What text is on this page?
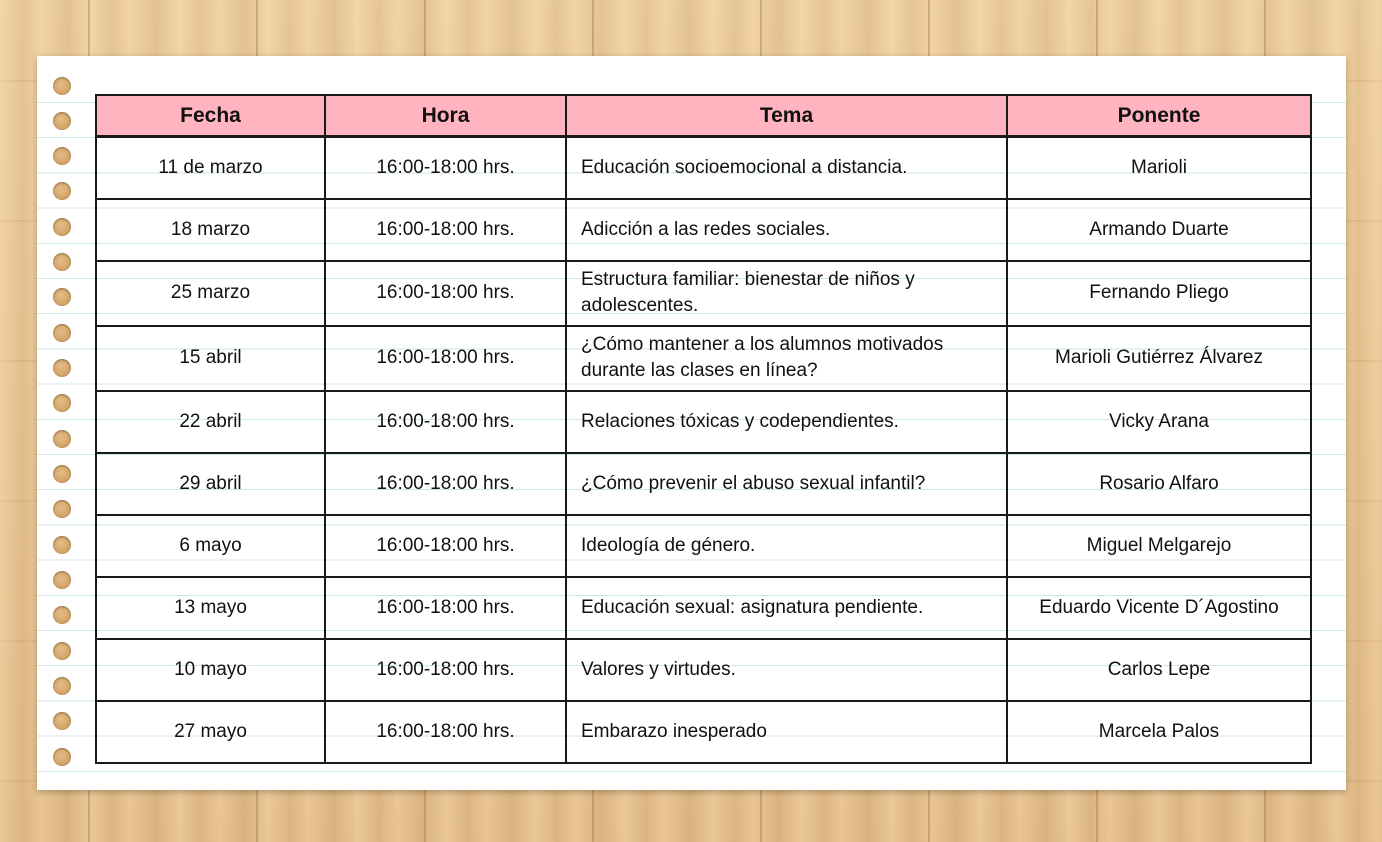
Fecha	Hora	Tema	Ponente
11 de marzo	16:00-18:00 hrs.	Educación socioemocional a distancia.	Marioli
18 marzo	16:00-18:00 hrs.	Adicción a las redes sociales.	Armando Duarte
25 marzo	16:00-18:00 hrs.	Estructura familiar: bienestar de niños y adolescentes.	Fernando Pliego
15 abril	16:00-18:00 hrs.	¿Cómo mantener a los alumnos motivados durante las clases en línea?	Marioli Gutiérrez Álvarez
22 abril	16:00-18:00 hrs.	Relaciones tóxicas y codependientes.	Vicky Arana
29 abril	16:00-18:00 hrs.	¿Cómo prevenir el abuso sexual infantil?	Rosario Alfaro
6 mayo	16:00-18:00 hrs.	Ideología de género.	Miguel Melgarejo
13 mayo	16:00-18:00 hrs.	Educación sexual: asignatura pendiente.	Eduardo Vicente D´Agostino
10 mayo	16:00-18:00 hrs.	Valores y virtudes.	Carlos Lepe
27 mayo	16:00-18:00 hrs.	Embarazo inesperado	Marcela Palos
